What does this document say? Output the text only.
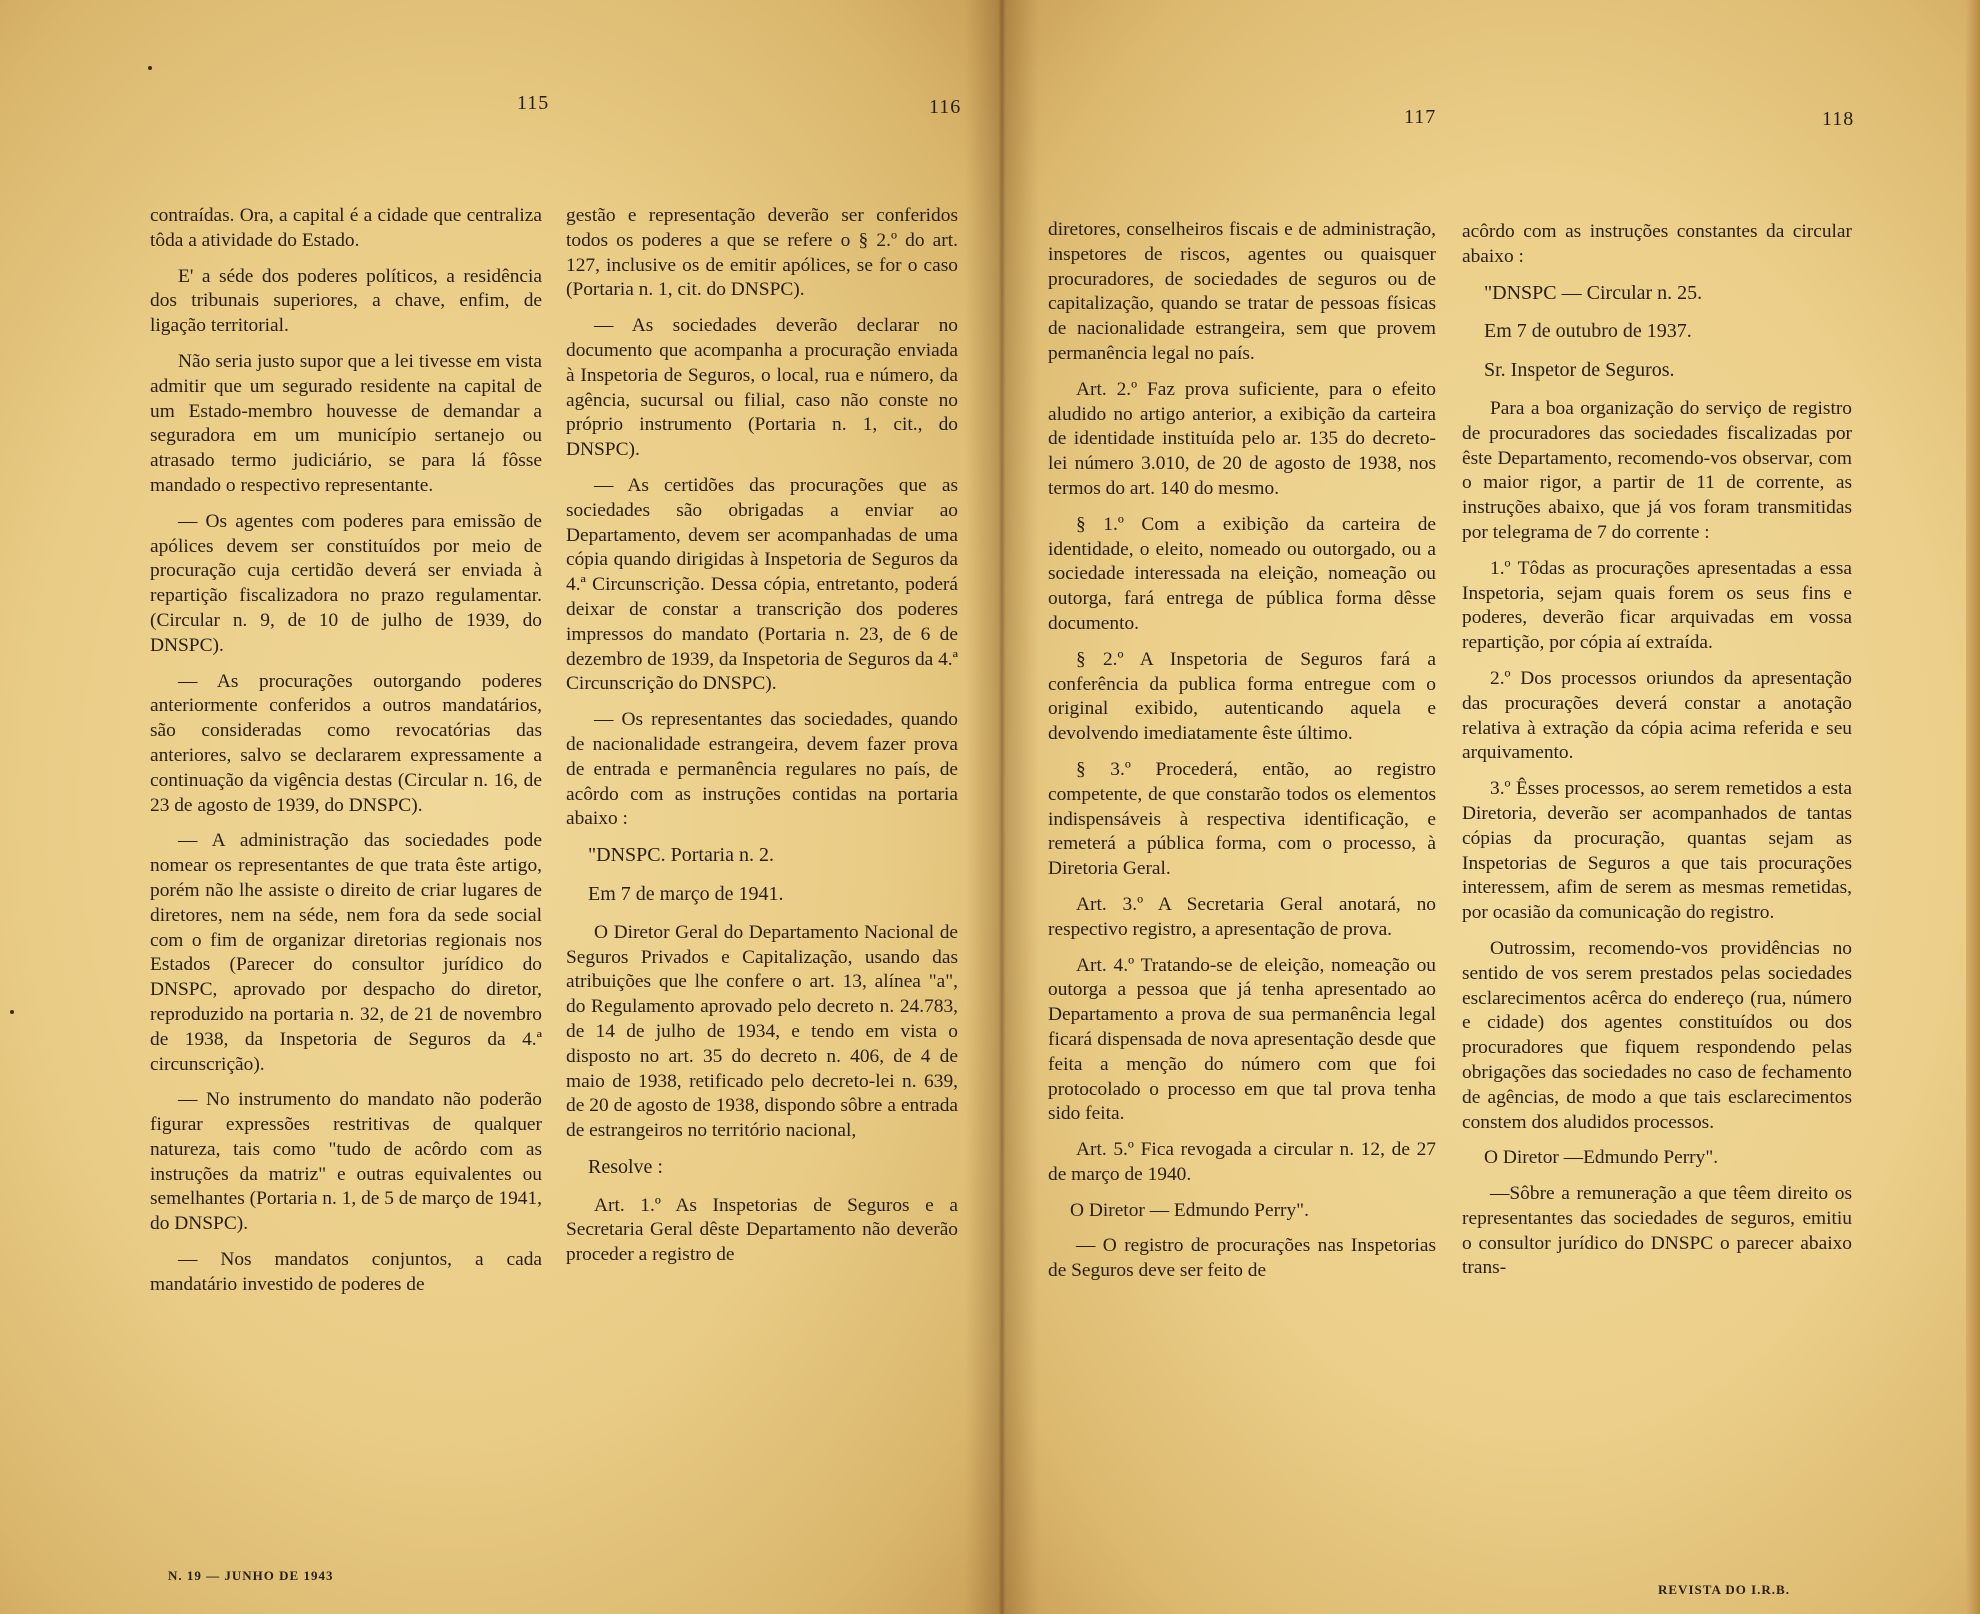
115	116	117	118

contraídas. Ora, a capital é a cidade que centraliza tôda a atividade do Estado.

E' a séde dos poderes políticos, a residência dos tribunais superiores, a chave, enfim, de ligação territorial.

Não seria justo supor que a lei tivesse em vista admitir que um segurado residente na capital de um Estado-membro houvesse de demandar a seguradora em um município sertanejo ou atrasado termo judiciário, se para lá fôsse mandado o respectivo representante.

— Os agentes com poderes para emissão de apólices devem ser constituídos por meio de procuração cuja certidão deverá ser enviada à repartição fiscalizadora no prazo regulamentar. (Circular n. 9, de 10 de julho de 1939, do DNSPC).

— As procurações outorgando poderes anteriormente conferidos a outros mandatários, são consideradas como revocatórias das anteriores, salvo se declararem expressamente a continuação da vigência destas (Circular n. 16, de 23 de agosto de 1939, do DNSPC).

— A administração das sociedades pode nomear os representantes de que trata êste artigo, porém não lhe assiste o direito de criar lugares de diretores, nem na séde, nem fora da sede social com o fim de organizar diretorias regionais nos Estados (Parecer do consultor jurídico do DNSPC, aprovado por despacho do diretor, reproduzido na portaria n. 32, de 21 de novembro de 1938, da Inspetoria de Seguros da 4.ª circunscrição).

— No instrumento do mandato não poderão figurar expressões restritivas de qualquer natureza, tais como "tudo de acôrdo com as instruções da matriz" e outras equivalentes ou semelhantes (Portaria n. 1, de 5 de março de 1941, do DNSPC).

— Nos mandatos conjuntos, a cada mandatário investido de poderes de

gestão e representação deverão ser conferidos todos os poderes a que se refere o § 2.º do art. 127, inclusive os de emitir apólices, se for o caso (Portaria n. 1, cit. do DNSPC).

— As sociedades deverão declarar no documento que acompanha a procuração enviada à Inspetoria de Seguros, o local, rua e número, da agência, sucursal ou filial, caso não conste no próprio instrumento (Portaria n. 1, cit., do DNSPC).

— As certidões das procurações que as sociedades são obrigadas a enviar ao Departamento, devem ser acompanhadas de uma cópia quando dirigidas à Inspetoria de Seguros da 4.ª Circunscrição. Dessa cópia, entretanto, poderá deixar de constar a transcrição dos poderes impressos do mandato (Portaria n. 23, de 6 de dezembro de 1939, da Inspetoria de Seguros da 4.ª Circunscrição do DNSPC).

— Os representantes das sociedades, quando de nacionalidade estrangeira, devem fazer prova de entrada e permanência regulares no país, de acôrdo com as instruções contidas na portaria abaixo :

"DNSPC. Portaria n. 2.

Em 7 de março de 1941.

O Diretor Geral do Departamento Nacional de Seguros Privados e Capitalização, usando das atribuições que lhe confere o art. 13, alínea "a", do Regulamento aprovado pelo decreto n. 24.783, de 14 de julho de 1934, e tendo em vista o disposto no art. 35 do decreto n. 406, de 4 de maio de 1938, retificado pelo decreto-lei n. 639, de 20 de agosto de 1938, dispondo sôbre a entrada de estrangeiros no território nacional,

Resolve :

Art. 1.º As Inspetorias de Seguros e a Secretaria Geral dêste Departamento não deverão proceder a registro de

diretores, conselheiros fiscais e de administração, inspetores de riscos, agentes ou quaisquer procuradores, de sociedades de seguros ou de capitalização, quando se tratar de pessoas físicas de nacionalidade estrangeira, sem que provem permanência legal no país.

Art. 2.º Faz prova suficiente, para o efeito aludido no artigo anterior, a exibição da carteira de identidade instituída pelo ar. 135 do decreto-lei número 3.010, de 20 de agosto de 1938, nos termos do art. 140 do mesmo.

§ 1.º Com a exibição da carteira de identidade, o eleito, nomeado ou outorgado, ou a sociedade interessada na eleição, nomeação ou outorga, fará entrega de pública forma dêsse documento.

§ 2.º A Inspetoria de Seguros fará a conferência da publica forma entregue com o original exibido, autenticando aquela e devolvendo imediatamente êste último.

§ 3.º Procederá, então, ao registro competente, de que constarão todos os elementos indispensáveis à respectiva identificação, e remeterá a pública forma, com o processo, à Diretoria Geral.

Art. 3.º A Secretaria Geral anotará, no respectivo registro, a apresentação de prova.

Art. 4.º Tratando-se de eleição, nomeação ou outorga a pessoa que já tenha apresentado ao Departamento a prova de sua permanência legal ficará dispensada de nova apresentação desde que feita a menção do número com que foi protocolado o processo em que tal prova tenha sido feita.

Art. 5.º Fica revogada a circular n. 12, de 27 de março de 1940.

O Diretor — Edmundo Perry".

— O registro de procurações nas Inspetorias de Seguros deve ser feito de

acôrdo com as instruções constantes da circular abaixo :

"DNSPC — Circular n. 25.

Em 7 de outubro de 1937.

Sr. Inspetor de Seguros.

Para a boa organização do serviço de registro de procuradores das sociedades fiscalizadas por êste Departamento, recomendo-vos observar, com o maior rigor, a partir de 11 de corrente, as instruções abaixo, que já vos foram transmitidas por telegrama de 7 do corrente :

1.º Tôdas as procurações apresentadas a essa Inspetoria, sejam quais forem os seus fins e poderes, deverão ficar arquivadas em vossa repartição, por cópia aí extraída.

2.º Dos processos oriundos da apresentação das procurações deverá constar a anotação relativa à extração da cópia acima referida e seu arquivamento.

3.º Êsses processos, ao serem remetidos a esta Diretoria, deverão ser acompanhados de tantas cópias da procuração, quantas sejam as Inspetorias de Seguros a que tais procurações interessem, afim de serem as mesmas remetidas, por ocasião da comunicação do registro.

Outrossim, recomendo-vos providências no sentido de vos serem prestados pelas sociedades esclarecimentos acêrca do endereço (rua, número e cidade) dos agentes constituídos ou dos procuradores que fiquem respondendo pelas obrigações das sociedades no caso de fechamento de agências, de modo a que tais esclarecimentos constem dos aludidos processos.

O Diretor —Edmundo Perry".

—Sôbre a remuneração a que têem direito os representantes das sociedades de seguros, emitiu o consultor jurídico do DNSPC o parecer abaixo trans-

N. 19 — JUNHO DE 1943
REVISTA DO I.R.B.
